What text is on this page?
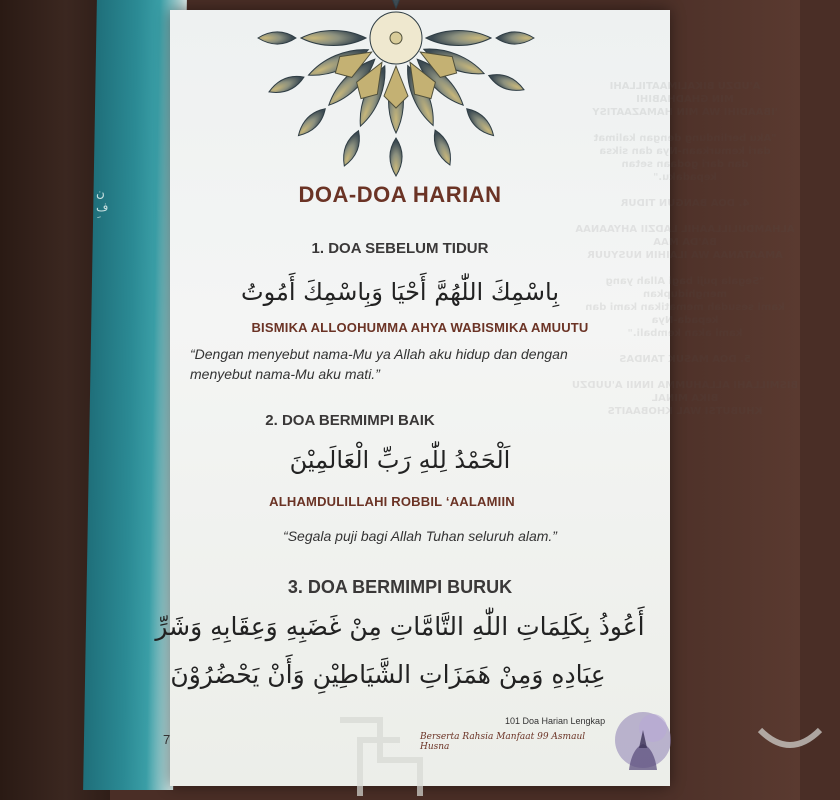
ن
ف

A'UDZU BIKALIMAATILLAHI
MIN GHADHABIHI
'IBAADIHI WA MIN HAMAZAATISY

"Aku berlindung dengan kalimat
dari kemurkaan-Nya dan siksa
dan dari godaan setan
kepadaku."

4. DOA BANGUN TIDUR

ALHAMDULILLAAHIL LADZII AHYAANAA BA'DA MAA
AMAATANAA WA ILAIHIN NUSYUUR

"Segala puji bagi Allah yang menghidupkan
kami sesudah mematikan kami dan kepada-Nya
kami akan kembali."

5. DOA MASUK TANDAS

BISMILLAHI ALLAHUMMA INNII A'UUDZU BIKA MINAL
KHUBUTSI WAL KHOBAAITS
DOA-DOA HARIAN
1. DOA SEBELUM TIDUR
بِاسْمِكَ اللّٰهُمَّ أَحْيَا وَبِاسْمِكَ أَمُوتُ
BISMIKA ALLOOHUMMA AHYA WABISMIKA AMUUTU
“Dengan menyebut nama-Mu ya Allah aku hidup dan dengan
menyebut nama-Mu aku mati.”
2. DOA BERMIMPI BAIK
اَلْحَمْدُ لِلّٰهِ رَبِّ الْعَالَمِيْنَ
ALHAMDULILLAHI ROBBIL ‘AALAMIIN
“Segala puji bagi Allah Tuhan seluruh alam.”
3. DOA BERMIMPI BURUK
أَعُوذُ بِكَلِمَاتِ اللّٰهِ التَّامَّاتِ مِنْ غَضَبِهِ وَعِقَابِهِ وَشَرِّ
عِبَادِهِ وَمِنْ هَمَزَاتِ الشَّيَاطِيْنِ وَأَنْ يَحْضُرُوْنَ
7
101 Doa Harian Lengkap
Berserta Rahsia Manfaat 99 Asmaul Husna
